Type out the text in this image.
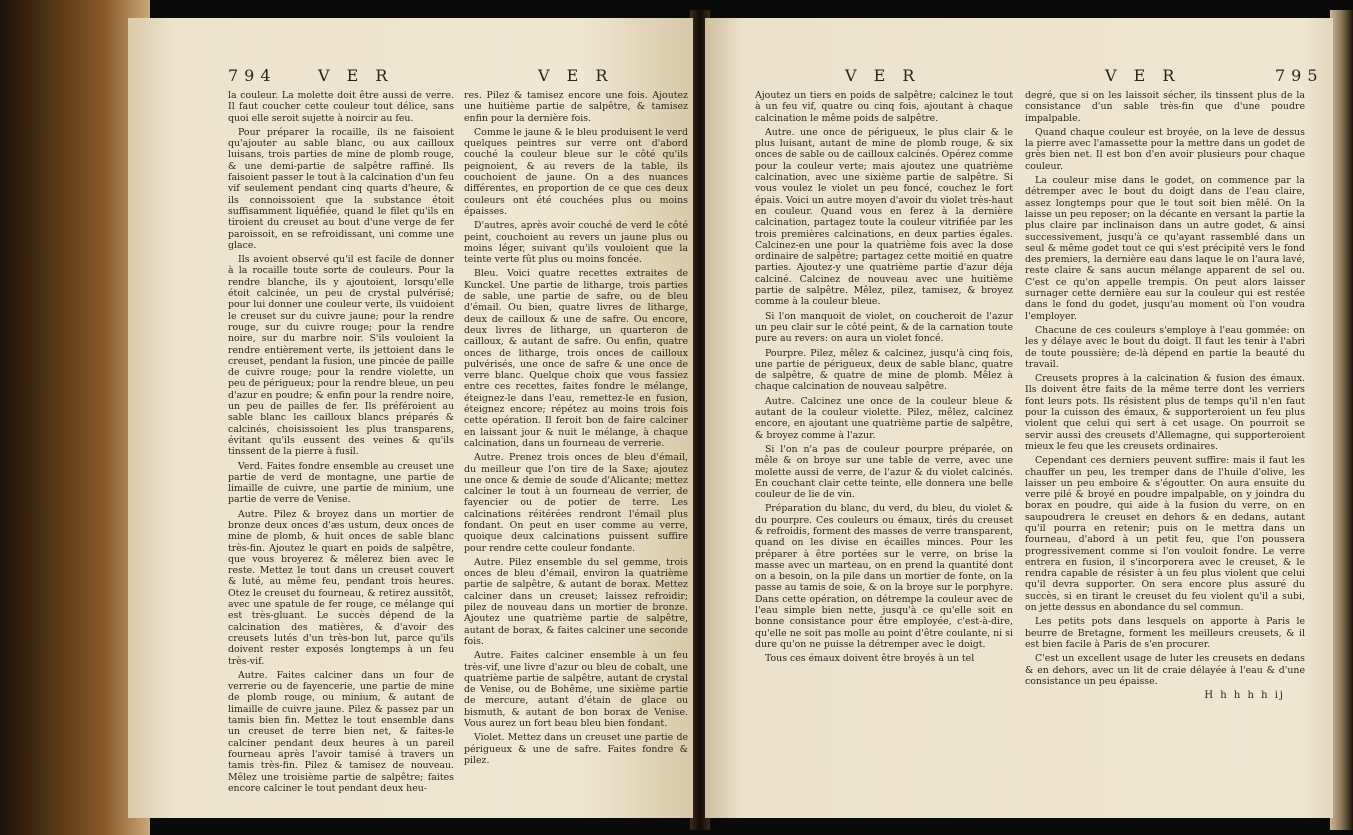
794	V E R	V E R

la couleur. La molette doit être aussi de verre. Il faut coucher cette couleur tout délice, sans quoi elle seroit sujette à noircir au feu.

Pour préparer la rocaille, ils ne faisoient qu'ajouter au sable blanc, ou aux cailloux luisans, trois parties de mine de plomb rouge, & une demi-partie de salpêtre raffiné. Ils faisoient passer le tout à la calcination d'un feu vif seulement pendant cinq quarts d'heure, & ils connoissoient que la substance étoit suffisamment liquéfiée, quand le filet qu'ils en tiroient du creuset au bout d'une verge de fer paroissoit, en se refroidissant, uni comme une glace.

Ils avoient observé qu'il est facile de donner à la rocaille toute sorte de couleurs. Pour la rendre blanche, ils y ajoutoient, lorsqu'elle étoit calcinée, un peu de crystal pulvérisé; pour lui donner une couleur verte, ils vuidoient le creuset sur du cuivre jaune; pour la rendre rouge, sur du cuivre rouge; pour la rendre noire, sur du marbre noir. S'ils vouloient la rendre entièrement verte, ils jettoient dans le creuset, pendant la fusion, une pincée de paille de cuivre rouge; pour la rendre violette, un peu de périgueux; pour la rendre bleue, un peu d'azur en poudre; & enfin pour la rendre noire, un peu de pailles de fer. Ils préféroient au sable blanc les cailloux blancs préparés & calcinés, choisissoient les plus transparens, évitant qu'ils eussent des veines & qu'ils tinssent de la pierre à fusil.

Verd. Faites fondre ensemble au creuset une partie de verd de montagne, une partie de limaille de cuivre, une partie de minium, une partie de verre de Venise.

Autre. Pilez & broyez dans un mortier de bronze deux onces d'æs ustum, deux onces de mine de plomb, & huit onces de sable blanc très-fin. Ajoutez le quart en poids de salpêtre, que vous broyerez & mêlerez bien avec le reste. Mettez le tout dans un creuset couvert & luté, au même feu, pendant trois heures. Otez le creuset du fourneau, & retirez aussitôt, avec une spatule de fer rouge, ce mélange qui est très-gluant. Le succès dépend de la calcination des matières, & d'avoir des creusets lutés d'un très-bon lut, parce qu'ils doivent rester exposés longtemps à un feu très-vif.

Autre. Faites calciner dans un four de verrerie ou de fayencerie, une partie de mine de plomb rouge, ou minium, & autant de limaille de cuivre jaune. Pilez & passez par un tamis bien fin. Mettez le tout ensemble dans un creuset de terre bien net, & faites-le calciner pendant deux heures à un pareil fourneau après l'avoir tamisé à travers un tamis très-fin. Pilez & tamisez de nouveau. Mêlez une troisième partie de salpêtre; faites encore calciner le tout pendant deux heu-

res. Pilez & tamisez encore une fois. Ajoutez une huitième partie de salpêtre, & tamisez enfin pour la dernière fois.

Comme le jaune & le bleu produisent le verd quelques peintres sur verre ont d'abord couché la couleur bleue sur le côté qu'ils peignoient, & au revers de la table, ils couchoient de jaune. On a des nuances différentes, en proportion de ce que ces deux couleurs ont été couchées plus ou moins épaisses.

D'autres, après avoir couché de verd le côté peint, couchoient au revers un jaune plus ou moins léger, suivant qu'ils vouloient que la teinte verte fût plus ou moins foncée.

Bleu. Voici quatre recettes extraites de Kunckel. Une partie de litharge, trois parties de sable, une partie de safre, ou de bleu d'émail. Ou bien, quatre livres de litharge, deux de cailloux & une de safre. Ou encore, deux livres de litharge, un quarteron de cailloux, & autant de safre. Ou enfin, quatre onces de litharge, trois onces de cailloux pulvérisés, une once de safre & une once de verre blanc. Quelque choix que vous fassiez entre ces recettes, faites fondre le mélange, éteignez-le dans l'eau, remettez-le en fusion, éteignez encore; répétez au moins trois fois cette opération. Il feroit bon de faire calciner en laissant jour & nuit le mélange, à chaque calcination, dans un fourneau de verrerie.

Autre. Prenez trois onces de bleu d'émail, du meilleur que l'on tire de la Saxe; ajoutez une once & demie de soude d'Alicante; mettez calciner le tout à un fourneau de verrier, de fayencier ou de potier de terre. Les calcinations réitérées rendront l'émail plus fondant. On peut en user comme au verre, quoique deux calcinations puissent suffire pour rendre cette couleur fondante.

Autre. Pilez ensemble du sel gemme, trois onces de bleu d'émail, environ la quatrième partie de salpêtre, & autant de borax. Mettez calciner dans un creuset; laissez refroidir; pilez de nouveau dans un mortier de bronze. Ajoutez une quatrième partie de salpêtre, autant de borax, & faites calciner une seconde fois.

Autre. Faites calciner ensemble à un feu très-vif, une livre d'azur ou bleu de cobalt, une quatrième partie de salpêtre, autant de crystal de Venise, ou de Bohême, une sixième partie de mercure, autant d'étain de glace ou bismuth, & autant de bon borax de Venise. Vous aurez un fort beau bleu bien fondant.

Violet. Mettez dans un creuset une partie de périgueux & une de safre. Faites fondre & pilez.

V E R	V E R	795

Ajoutez un tiers en poids de salpêtre; calcinez le tout à un feu vif, quatre ou cinq fois, ajoutant à chaque calcination le même poids de salpêtre.

Autre. une once de périgueux, le plus clair & le plus luisant, autant de mine de plomb rouge, & six onces de sable ou de cailloux calcinés. Opérez comme pour la couleur verte; mais ajoutez une quatrième calcination, avec une sixième partie de salpêtre. Si vous voulez le violet un peu foncé, couchez le fort épais. Voici un autre moyen d'avoir du violet très-haut en couleur. Quand vous en ferez à la dernière calcination, partagez toute la couleur vitrifiée par les trois premières calcinations, en deux parties égales. Calcinez-en une pour la quatrième fois avec la dose ordinaire de salpêtre; partagez cette moitié en quatre parties. Ajoutez-y une quatrième partie d'azur déja calciné. Calcinez de nouveau avec une huitième partie de salpêtre. Mêlez, pilez, tamisez, & broyez comme à la couleur bleue.

Si l'on manquoit de violet, on coucheroit de l'azur un peu clair sur le côté peint, & de la carnation toute pure au revers: on aura un violet foncé.

Pourpre. Pilez, mêlez & calcinez, jusqu'à cinq fois, une partie de périgueux, deux de sable blanc, quatre de salpêtre, & quatre de mine de plomb. Mêlez à chaque calcination de nouveau salpêtre.

Autre. Calcinez une once de la couleur bleue & autant de la couleur violette. Pilez, mêlez, calcinez encore, en ajoutant une quatrième partie de salpêtre, & broyez comme à l'azur.

Si l'on n'a pas de couleur pourpre préparée, on mêle & on broye sur une table de verre, avec une molette aussi de verre, de l'azur & du violet calcinés. En couchant clair cette teinte, elle donnera une belle couleur de lie de vin.

Préparation du blanc, du verd, du bleu, du violet & du pourpre. Ces couleurs ou émaux, tirés du creuset & refroidis, forment des masses de verre transparent, quand on les divise en écailles minces. Pour les préparer à être portées sur le verre, on brise la masse avec un marteau, on en prend la quantité dont on a besoin, on la pile dans un mortier de fonte, on la passe au tamis de soie, & on la broye sur le porphyre. Dans cette opération, on détrempe la couleur avec de l'eau simple bien nette, jusqu'à ce qu'elle soit en bonne consistance pour être employée, c'est-à-dire, qu'elle ne soit pas molle au point d'être coulante, ni si dure qu'on ne puisse la détremper avec le doigt.

Tous ces émaux doivent être broyés à un tel

degré, que si on les laissoit sécher, ils tinssent plus de la consistance d'un sable très-fin que d'une poudre impalpable.

Quand chaque couleur est broyée, on la leve de dessus la pierre avec l'amassette pour la mettre dans un godet de grès bien net. Il est bon d'en avoir plusieurs pour chaque couleur.

La couleur mise dans le godet, on commence par la détremper avec le bout du doigt dans de l'eau claire, assez longtemps pour que le tout soit bien mêlé. On la laisse un peu reposer; on la décante en versant la partie la plus claire par inclinaison dans un autre godet, & ainsi successivement, jusqu'à ce qu'ayant rassemblé dans un seul & même godet tout ce qui s'est précipité vers le fond des premiers, la dernière eau dans laque le on l'aura lavé, reste claire & sans aucun mélange apparent de sel ou. C'est ce qu'on appelle trempis. On peut alors laisser surnager cette dernière eau sur la couleur qui est restée dans le fond du godet, jusqu'au moment où l'on voudra l'employer.

Chacune de ces couleurs s'employe à l'eau gommée: on les y délaye avec le bout du doigt. Il faut les tenir à l'abri de toute poussière; de-là dépend en partie la beauté du travail.

Creusets propres à la calcination & fusion des émaux. Ils doivent être faits de la même terre dont les verriers font leurs pots. Ils résistent plus de temps qu'il n'en faut pour la cuisson des émaux, & supporteroient un feu plus violent que celui qui sert à cet usage. On pourroit se servir aussi des creusets d'Allemagne, qui supporteroient mieux le feu que les creusets ordinaires.

Cependant ces derniers peuvent suffire: mais il faut les chauffer un peu, les tremper dans de l'huile d'olive, les laisser un peu emboire & s'égoutter. On aura ensuite du verre pilé & broyé en poudre impalpable, on y joindra du borax en poudre, qui aide à la fusion du verre, on en saupoudrera le creuset en dehors & en dedans, autant qu'il pourra en retenir; puis on le mettra dans un fourneau, d'abord à un petit feu, que l'on poussera progressivement comme si l'on vouloit fondre. Le verre entrera en fusion, il s'incorporera avec le creuset, & le rendra capable de résister à un feu plus violent que celui qu'il devra supporter. On sera encore plus assuré du succès, si en tirant le creuset du feu violent qu'il a subi, on jette dessus en abondance du sel commun.

Les petits pots dans lesquels on apporte à Paris le beurre de Bretagne, forment les meilleurs creusets, & il est bien facile à Paris de s'en procurer.

C'est un excellent usage de luter les creusets en dedans & en dehors, avec un lit de craie délayée à l'eau & d'une consistance un peu épaisse.

H h h h h ij
